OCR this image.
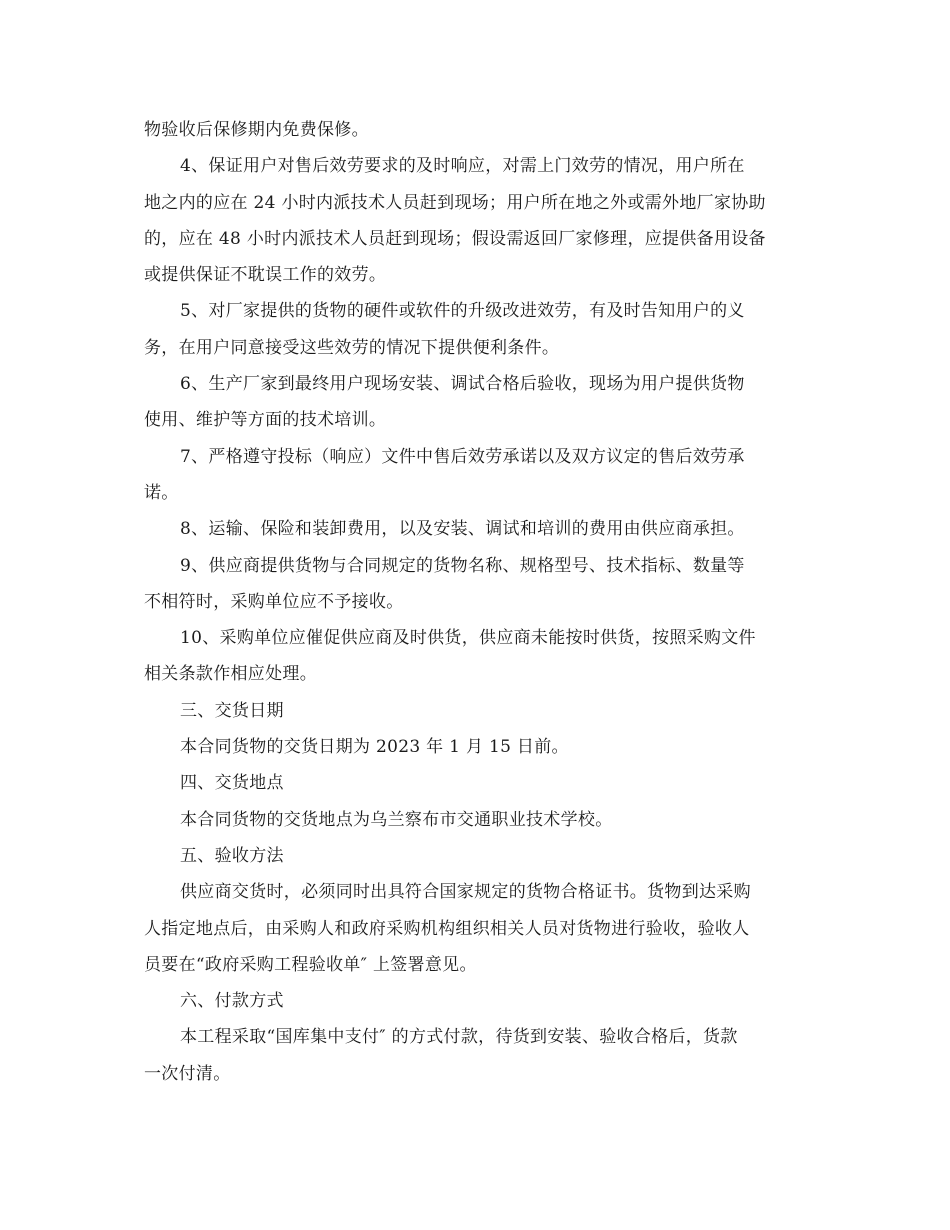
物验收后保修期内免费保修。
4、保证用户对售后效劳要求的及时响应，对需上门效劳的情况，用户所在
地之内的应在 24 小时内派技术人员赶到现场；用户所在地之外或需外地厂家协助
的，应在 48 小时内派技术人员赶到现场；假设需返回厂家修理，应提供备用设备
或提供保证不耽误工作的效劳。
5、对厂家提供的货物的硬件或软件的升级改进效劳，有及时告知用户的义
务，在用户同意接受这些效劳的情况下提供便利条件。
6、生产厂家到最终用户现场安装、调试合格后验收，现场为用户提供货物
使用、维护等方面的技术培训。
7、严格遵守投标（响应）文件中售后效劳承诺以及双方议定的售后效劳承
诺。
8、运输、保险和装卸费用，以及安装、调试和培训的费用由供应商承担。
9、供应商提供货物与合同规定的货物名称、规格型号、技术指标、数量等
不相符时，采购单位应不予接收。
10、采购单位应催促供应商及时供货，供应商未能按时供货，按照采购文件
相关条款作相应处理。
三、交货日期
本合同货物的交货日期为 2023 年 1 月 15 日前。
四、交货地点
本合同货物的交货地点为乌兰察布市交通职业技术学校。
五、验收方法
供应商交货时，必须同时出具符合国家规定的货物合格证书。货物到达采购
人指定地点后，由采购人和政府采购机构组织相关人员对货物进行验收，验收人
员要在“政府采购工程验收单″ 上签署意见。
六、付款方式
本工程采取“国库集中支付″ 的方式付款，待货到安装、验收合格后，货款
一次付清。
